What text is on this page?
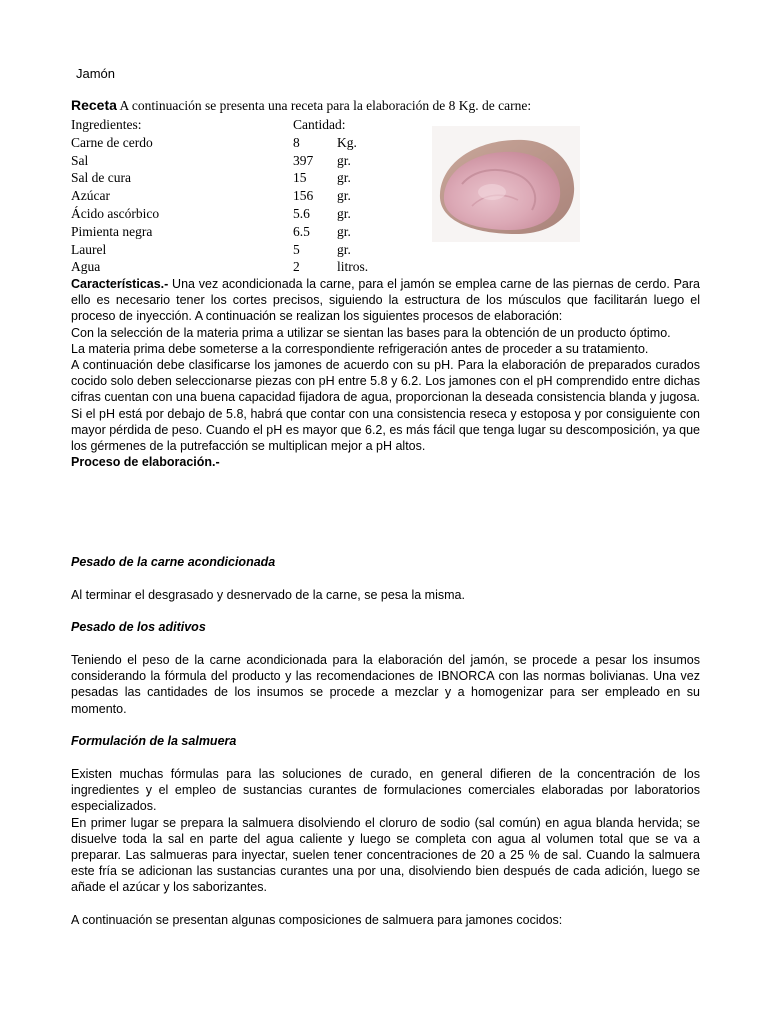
Jamón
Receta A continuación se presenta una receta para la elaboración de 8 Kg. de carne:
Ingredientes:	Cantidad:
Carne de cerdo	8	Kg.
Sal	397 gr.
Sal de cura	15 gr.
Azúcar	156 gr.
Ácido ascórbico	5.6 gr.
Pimienta negra	6.5 gr.
Laurel	5	gr.
Agua	2	litros.

Características.- Una vez acondicionada la carne, para el jamón se emplea carne de las piernas de cerdo. Para ello es necesario tener los cortes precisos, siguiendo la estructura de los músculos que facilitarán luego el proceso de inyección. A continuación se realizan los siguientes procesos de elaboración:

Con la selección de la materia prima a utilizar se sientan las bases para la obtención de un producto óptimo.

La materia prima debe someterse a la correspondiente refrigeración antes de proceder a su tratamiento.

A continuación debe clasificarse los jamones de acuerdo con su pH. Para la elaboración de preparados curados cocido solo deben seleccionarse piezas con pH entre 5.8 y 6.2. Los jamones con el pH comprendido entre dichas cifras cuentan con una buena capacidad fijadora de agua, proporcionan la deseada consistencia blanda y jugosa. Si el pH está por debajo de 5.8, habrá que contar con una consistencia reseca y estoposa y por consiguiente con mayor pérdida de peso. Cuando el pH es mayor que 6.2, es más fácil que tenga lugar su descomposición, ya que los gérmenes de la putrefacción se multiplican mejor a pH altos.

Proceso de elaboración.-

Pesado de la carne acondicionada

Al terminar el desgrasado y desnervado de la carne, se pesa la misma.

Pesado de los aditivos

Teniendo el peso de la carne acondicionada para la elaboración del jamón, se procede a pesar los insumos considerando la fórmula del producto y las recomendaciones de IBNORCA con las normas bolivianas. Una vez pesadas las cantidades de los insumos se procede a mezclar y a homogenizar para ser empleado en su momento.

Formulación de la salmuera

Existen muchas fórmulas para las soluciones de curado, en general difieren de la concentración de los ingredientes y el empleo de sustancias curantes de formulaciones comerciales elaboradas por laboratorios especializados.

En primer lugar se prepara la salmuera disolviendo el cloruro de sodio (sal común) en agua blanda hervida; se disuelve toda la sal en parte del agua caliente y luego se completa con agua al volumen total que se va a preparar. Las salmueras para inyectar, suelen tener concentraciones de 20 a 25 % de sal. Cuando la salmuera este fría se adicionan las sustancias curantes una por una, disolviendo bien después de cada adición, luego se añade el azúcar y los saborizantes.

A continuación se presentan algunas composiciones de salmuera para jamones cocidos:
